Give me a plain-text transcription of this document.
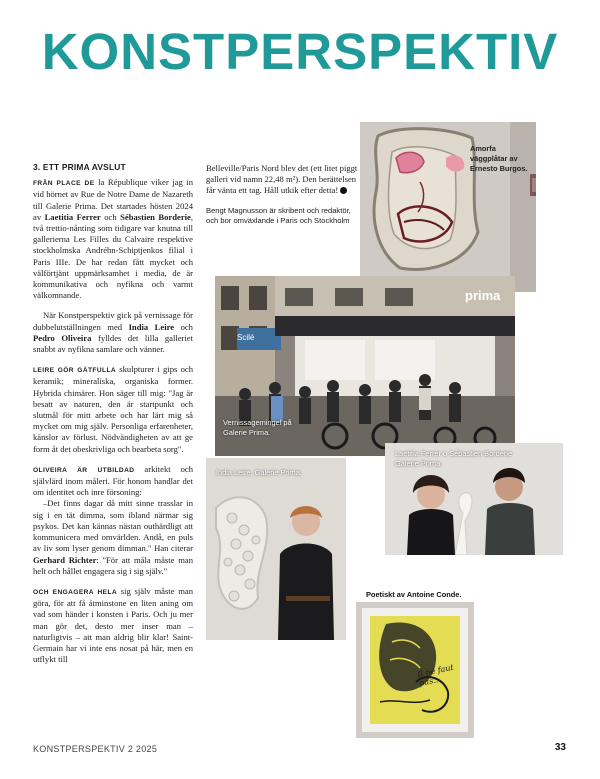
KONSTPERSPEKTIV
3. ETT PRIMA AVSLUT

FRÅN PLACE DE la République viker jag in vid hörnet av Rue de Notre Dame de Nazareth till Galerie Prima. Det startades hösten 2024 av Laetitia Ferrer och Sébastien Borderie, två trettio-nånting som tidigare var knutna till gallerierna Les Filles du Calvaire respektive stockholmska Andréhn-Schiptjenkos filial i Paris IIIe. De har redan fått mycket och välförtjänt uppmärksamhet i media, de är kommunikativa och nyfikna och varmt välkomnande.

När Konstperspektiv gick på vernissage för dubbelutställningen med India Leire och Pedro Oliveira fylldes det lilla galleriet snabbt av nyfikna samlare och vänner.

LEIRE GÖR GÄTFULLA skulpturer i gips och keramik; mineraliska, organiska former. Hybrida chimärer. Hon säger till mig: "Jag är besatt av naturen, den är startpunkt och slutmål för mitt arbete och har lärt mig så mycket om mig själv. Personliga erfarenheter, känslor av förlust. Nödvändigheten av att ge form åt det obeskrivliga och bearbeta sorg".

OLIVEIRA ÄR UTBILDAD arkitekt och självlärd inom måleri. För honom handlar det om identitet och inre försoning:

–Det finns dagar då mitt sinne trasslar in sig i en tät dimma, som ibland närmar sig psykos. Det kan kännas nästan outhärdligt att kommunicera med omvärlden. Andå, en puls av liv som lyser genom dimman." Han citerar Gerhard Richter: "För att måla måste man helt och hållet engagera sig i sig själv."

OCH ENGAGERA HELA sig själv måste man göra, för att få åtminstone en liten aning om vad som händer i konsten i Paris. Och ju mer man gör det, desto mer inser man – naturligtvis – att man aldrig blir klar! Saint-Germain har vi inte ens nosat på här, men en utflykt till

Belleville/Paris Nord blev det (ett litet piggt galleri vid namn 22,48 m²). Den berättelsen får vänta ett tag. Håll utkik efter detta!

Bengt Magnusson är skribent och redaktör, och bor omväxlande i Paris och Stockholm

Amorfa väggplåtar av Ernesto Burgos.
prima
Scilé
Vernissagemingel på Galerie Prima.
India Leire, Galerie Prima.
Laetitia Ferrer o Sébastien Borderie Galerie Prima.
Poetiskt av Antoine Conde.
Il ne faut pas...
KONSTPERSPEKTIV 2 2025	33
